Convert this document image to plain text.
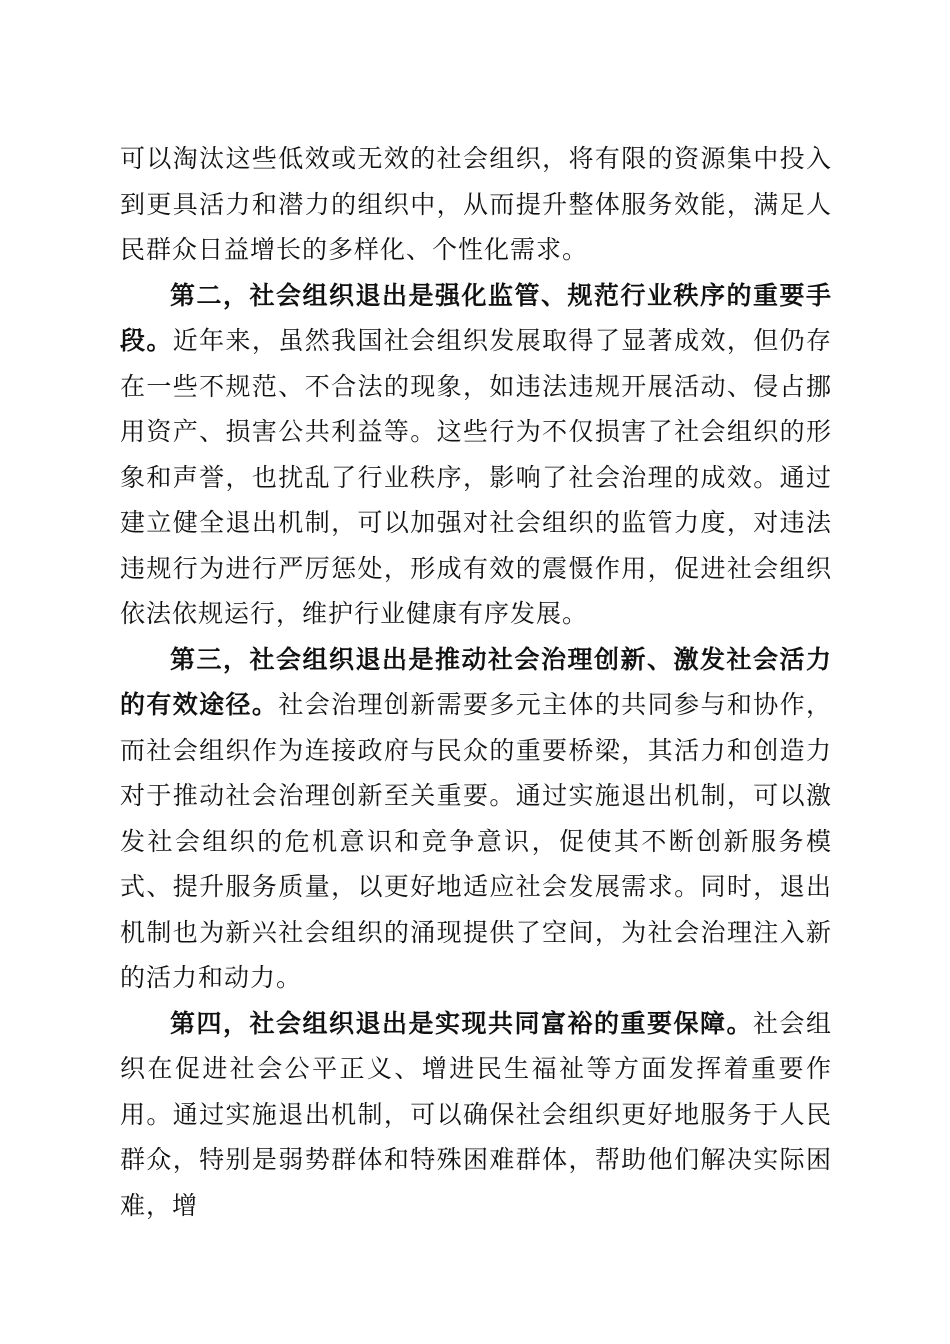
可以淘汰这些低效或无效的社会组织，将有限的资源集中投入到更具活力和潜力的组织中，从而提升整体服务效能，满足人民群众日益增长的多样化、个性化需求。

第二，社会组织退出是强化监管、规范行业秩序的重要手段。近年来，虽然我国社会组织发展取得了显著成效，但仍存在一些不规范、不合法的现象，如违法违规开展活动、侵占挪用资产、损害公共利益等。这些行为不仅损害了社会组织的形象和声誉，也扰乱了行业秩序，影响了社会治理的成效。通过建立健全退出机制，可以加强对社会组织的监管力度，对违法违规行为进行严厉惩处，形成有效的震慑作用，促进社会组织依法依规运行，维护行业健康有序发展。

第三，社会组织退出是推动社会治理创新、激发社会活力的有效途径。社会治理创新需要多元主体的共同参与和协作，而社会组织作为连接政府与民众的重要桥梁，其活力和创造力对于推动社会治理创新至关重要。通过实施退出机制，可以激发社会组织的危机意识和竞争意识，促使其不断创新服务模式、提升服务质量，以更好地适应社会发展需求。同时，退出机制也为新兴社会组织的涌现提供了空间，为社会治理注入新的活力和动力。

第四，社会组织退出是实现共同富裕的重要保障。社会组织在促进社会公平正义、增进民生福祉等方面发挥着重要作用。通过实施退出机制，可以确保社会组织更好地服务于人民群众，特别是弱势群体和特殊困难群体，帮助他们解决实际困难，增
